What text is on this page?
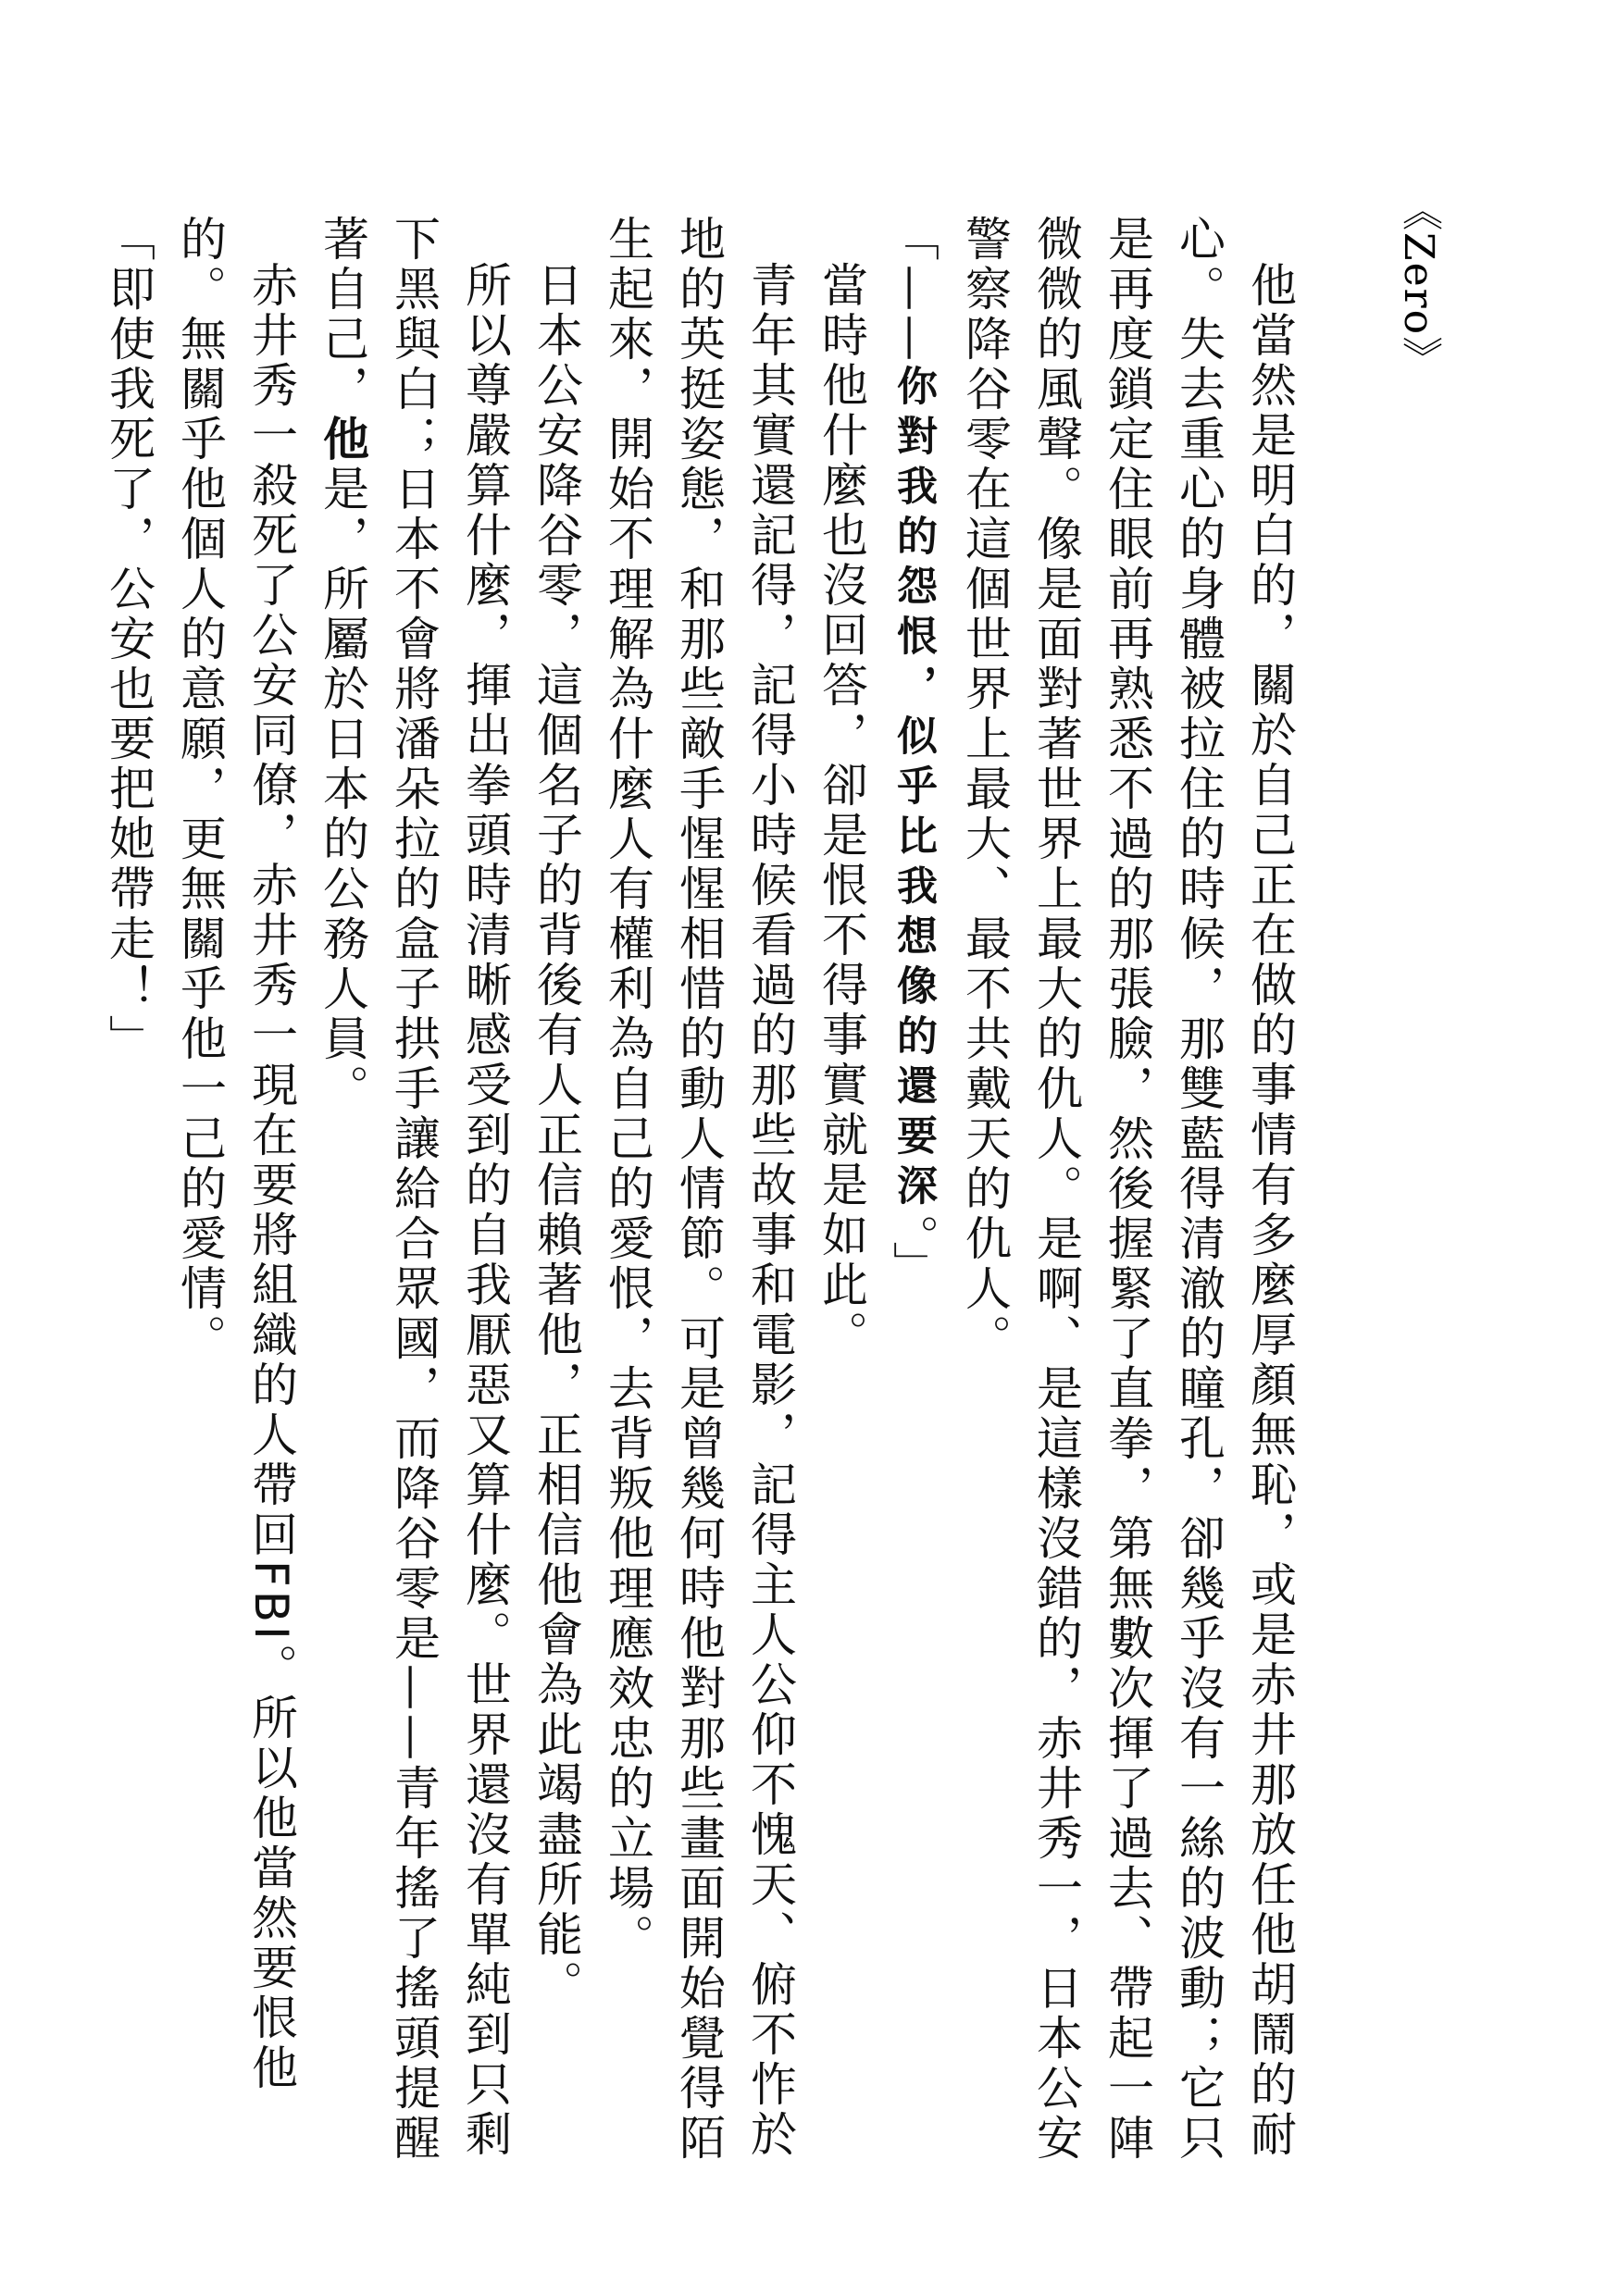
《Zero》

他當然是明白的，關於自己正在做的事情有多麼厚顏無恥，或是赤井那放任他胡鬧的耐心。失去重心的身體被拉住的時候，那雙藍得清澈的瞳孔，卻幾乎沒有一絲的波動；它只是再度鎖定住眼前再熟悉不過的那張臉，然後握緊了直拳，第無數次揮了過去、帶起一陣微微的風聲。像是面對著世界上最大的仇人。是啊、是這樣沒錯的，赤井秀一，日本公安警察降谷零在這個世界上最大、最不共戴天的仇人。

「——你對我的怨恨，似乎比我想像的還要深。」

當時他什麼也沒回答，卻是恨不得事實就是如此。

青年其實還記得，記得小時候看過的那些故事和電影，記得主人公仰不愧天、俯不怍於地的英挺姿態，和那些敵手惺惺相惜的動人情節。可是曾幾何時他對那些畫面開始覺得陌生起來，開始不理解為什麼人有權利為自己的愛恨，去背叛他理應效忠的立場。

日本公安降谷零，這個名子的背後有人正信賴著他，正相信他會為此竭盡所能。

所以尊嚴算什麼，揮出拳頭時清晰感受到的自我厭惡又算什麼。世界還沒有單純到只剩下黑與白；日本不會將潘朵拉的盒子拱手讓給合眾國，而降谷零是——青年搖了搖頭提醒著自己，他是，所屬於日本的公務人員。

赤井秀一殺死了公安同僚，赤井秀一現在要將組織的人帶回FBI。所以他當然要恨他的。無關乎他個人的意願，更無關乎他一己的愛情。

「即使我死了，公安也要把她帶走！」
